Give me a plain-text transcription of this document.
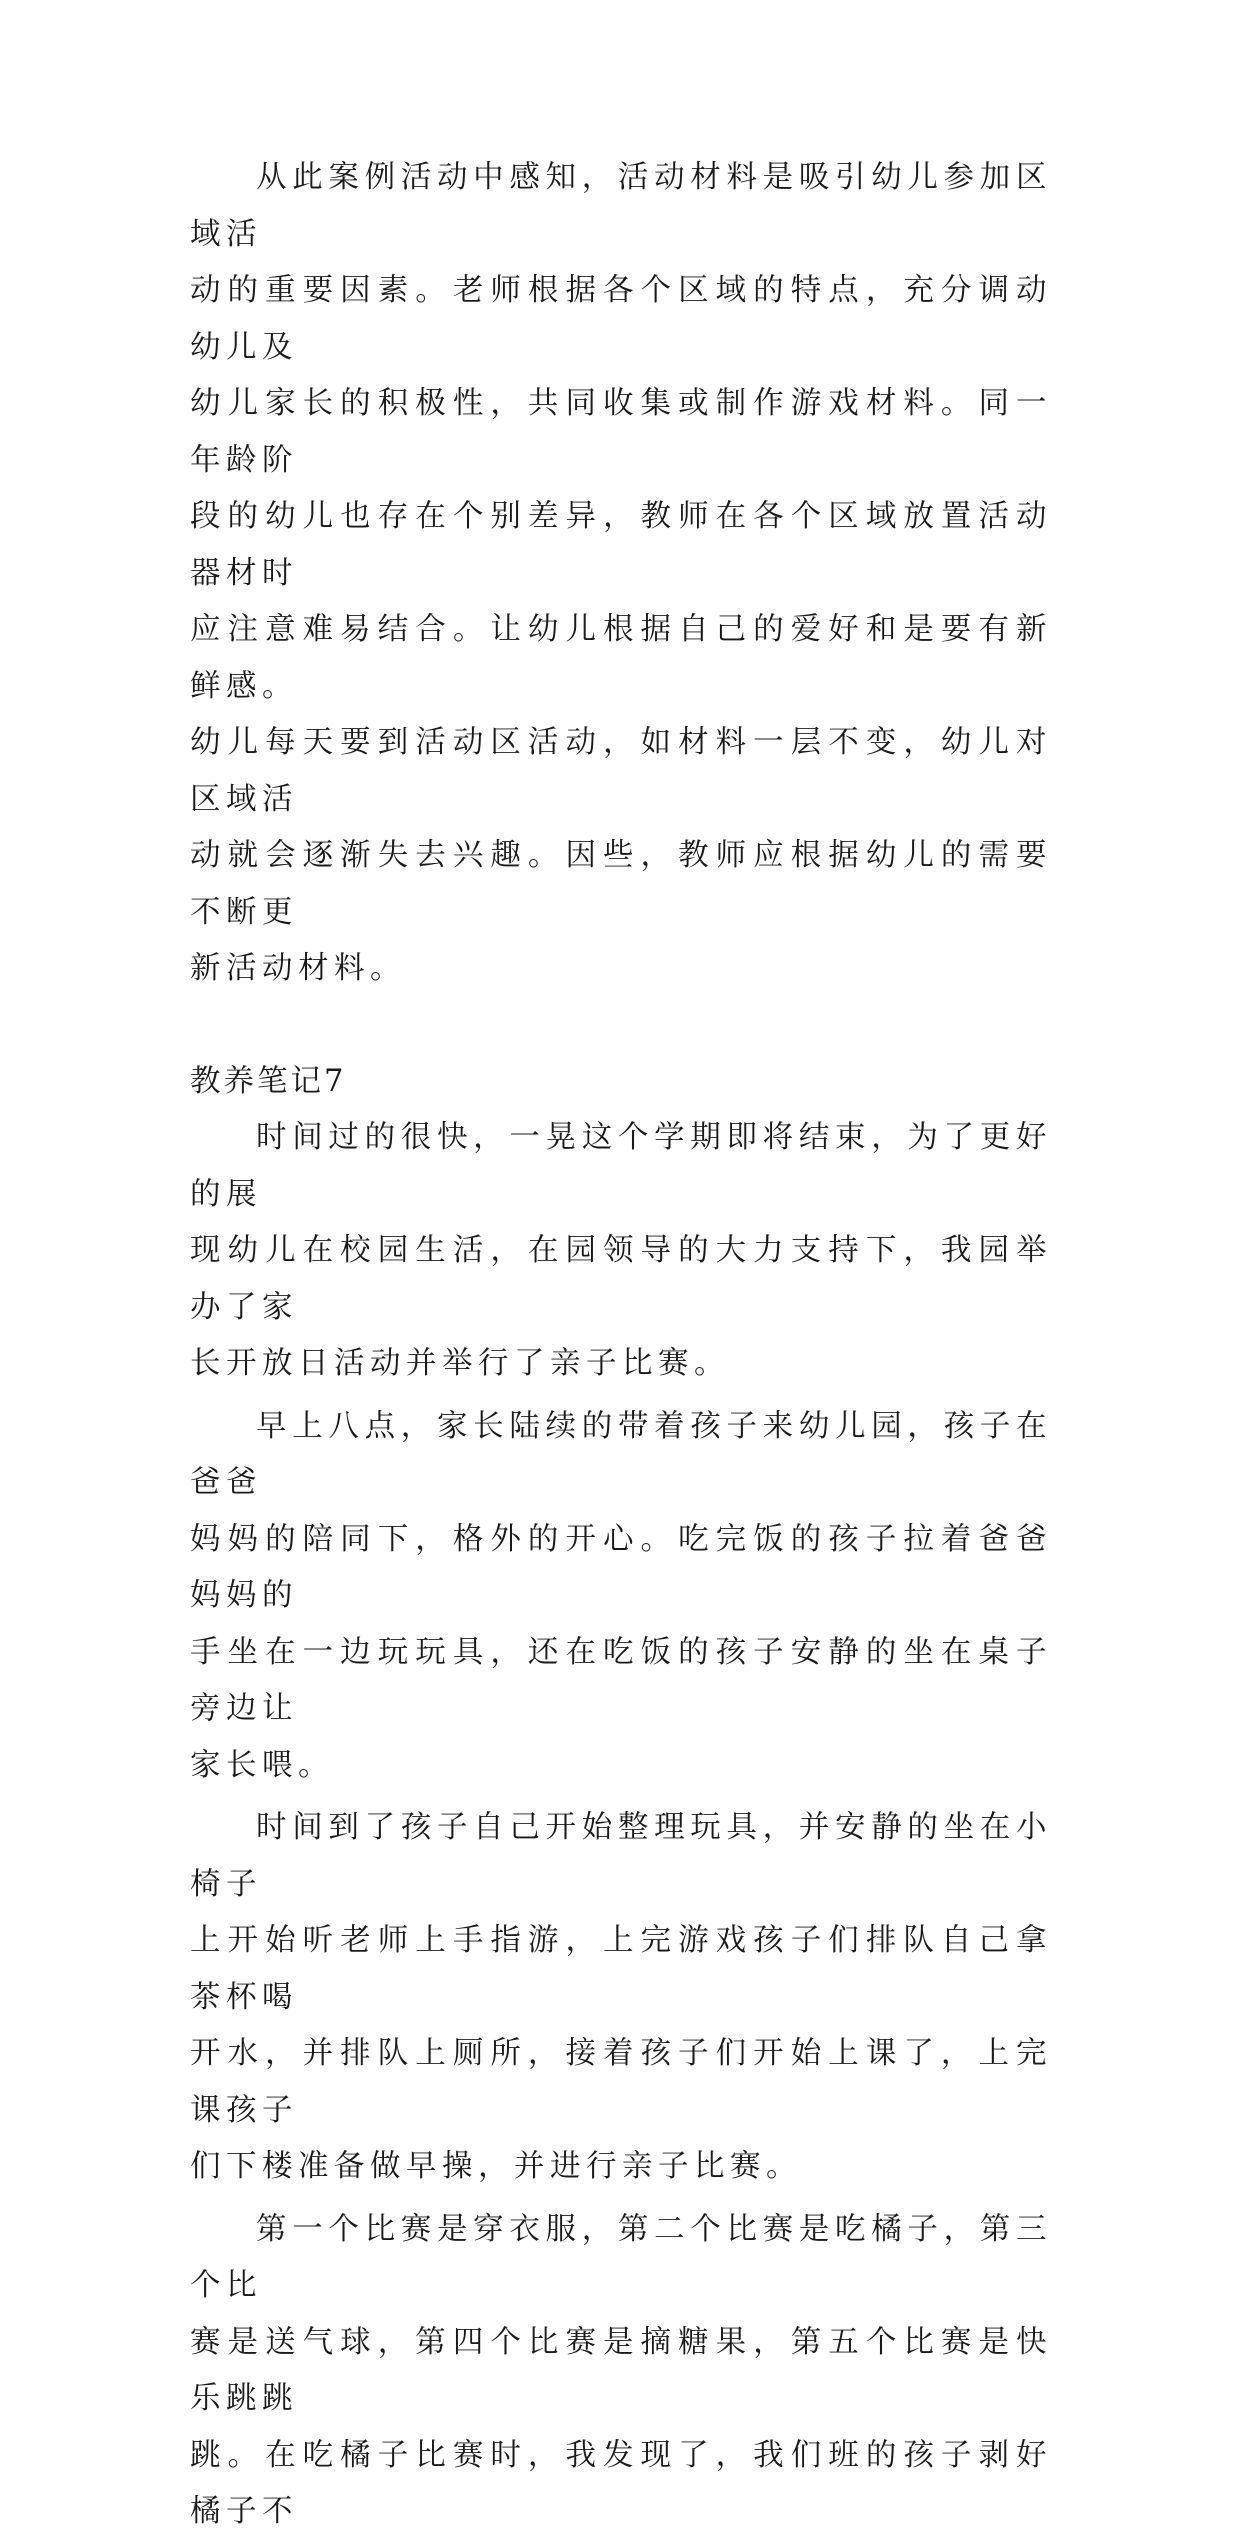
从此案例活动中感知，活动材料是吸引幼儿参加区域活
动的重要因素。老师根据各个区域的特点，充分调动幼儿及
幼儿家长的积极性，共同收集或制作游戏材料。同一年龄阶
段的幼儿也存在个别差异，教师在各个区域放置活动器材时
应注意难易结合。让幼儿根据自己的爱好和是要有新鲜感。
幼儿每天要到活动区活动，如材料一层不变，幼儿对区域活
动就会逐渐失去兴趣。因些，教师应根据幼儿的需要不断更
新活动材料。

教养笔记7

时间过的很快，一晃这个学期即将结束，为了更好的展
现幼儿在校园生活，在园领导的大力支持下，我园举办了家
长开放日活动并举行了亲子比赛。

早上八点，家长陆续的带着孩子来幼儿园，孩子在爸爸
妈妈的陪同下，格外的开心。吃完饭的孩子拉着爸爸妈妈的
手坐在一边玩玩具，还在吃饭的孩子安静的坐在桌子旁边让
家长喂。

时间到了孩子自己开始整理玩具，并安静的坐在小椅子
上开始听老师上手指游，上完游戏孩子们排队自己拿茶杯喝
开水，并排队上厕所，接着孩子们开始上课了，上完课孩子
们下楼准备做早操，并进行亲子比赛。

第一个比赛是穿衣服，第二个比赛是吃橘子，第三个比
赛是送气球，第四个比赛是摘糖果，第五个比赛是快乐跳跳
跳。在吃橘子比赛时，我发现了，我们班的孩子剥好橘子不
